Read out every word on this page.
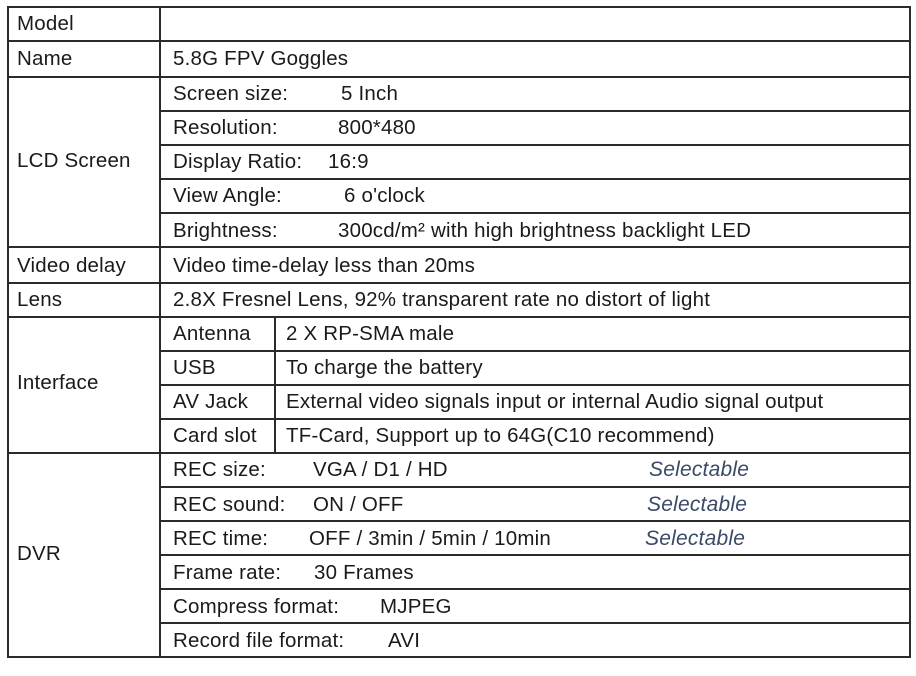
Model
Name	5.8G FPV Goggles
LCD Screen
Screen size:	5 Inch
Resolution:	800*480
Display Ratio: 16:9
View Angle:	6 o'clock
Brightness:	300cd/m² with high brightness backlight LED
Video delay Video time-delay less than 20ms
Lens	2.8X Fresnel Lens, 92% transparent rate no distort of light
Interface
Antenna 2 X RP-SMA male
USB	To charge the battery
AV Jack External video signals input or internal Audio signal output
Card slot TF-Card, Support up to 64G(C10 recommend)
DVR
REC size: VGA / D1 / HD	Selectable
REC sound: ON / OFF	Selectable
REC time: OFF / 3min / 5min / 10min	Selectable
Frame rate: 30 Frames
Compress format: MJPEG
Record file format: AVI
